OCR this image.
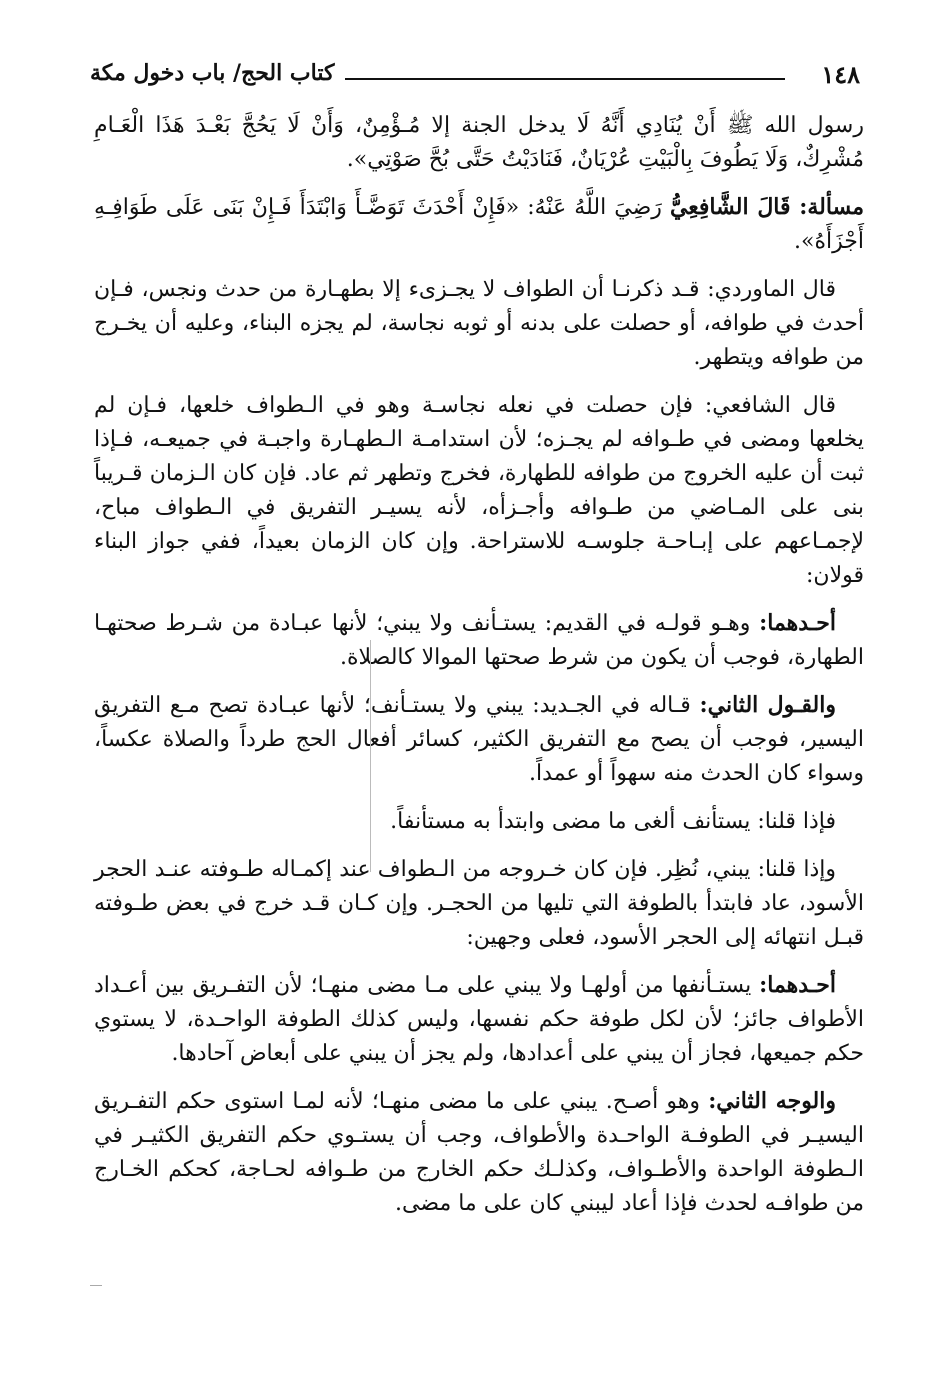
١٤٨
كتاب الحج/ باب دخول مكة

رسول الله ﷺ أَنْ يُنَادِي أَنَّهُ لَا يدخل الجنة إلا مُـؤْمِنٌ، وَأَنْ لَا يَحُجَّ بَعْـدَ هَذَا الْعَـامِ مُشْرِكٌ، وَلَا يَطُوفَ بِالْبَيْتِ عُرْيَانٌ، فَنَادَيْتُ حَتَّى بُحَّ صَوْتِي».

مسألة: قَالَ الشَّافِعِيُّ رَضِيَ اللَّهُ عَنْهُ: «فَإِنْ أَحْدَثَ تَوَضَّـأَ وَابْتَدَأَ فَـإِنْ بَنَى عَلَى طَوَافِـهِ أَجْزَأَهُ».

قال الماوردي: قـد ذكرنـا أن الطواف لا يجـزىء إلا بطهـارة من حدث ونجس، فـإن أحدث في طوافه، أو حصلت على بدنه أو ثوبه نجاسة، لم يجزه البناء، وعليه أن يخـرج من طوافه ويتطهر.

قال الشافعي: فإن حصلت في نعله نجاسـة وهو في الـطواف خلعها، فـإن لم يخلعها ومضى في طـوافه لم يجـزه؛ لأن استدامـة الـطهـارة واجبـة في جميعـه، فـإذا ثبت أن عليه الخروج من طوافه للطهارة، فخرج وتطهر ثم عاد. فإن كان الـزمان قـريباً بنى على المـاضي من طـوافه وأجـزأه، لأنه يسيـر التفريق في الـطواف مباح، لإجمـاعهم على إبـاحـة جلوسـه للاستراحة. وإن كان الزمان بعيداً، ففي جواز البناء قولان:

أحـدهما: وهـو قولـه في القديم: يستـأنف ولا يبني؛ لأنها عبـادة من شـرط صحتهـا الطهارة، فوجب أن يكون من شرط صحتها الموالا كالصلاة.

والقـول الثاني: قـاله في الجـديد: يبني ولا يستـأنف؛ لأنها عبـادة تصح مـع التفريق اليسير، فوجب أن يصح مع التفريق الكثير، كسائر أفعال الحج طرداً والصلاة عكساً، وسواء كان الحدث منه سهواً أو عمداً.

فإذا قلنا: يستأنف ألغى ما مضى وابتدأ به مستأنفاً.

وإذا قلنا: يبني، نُظِر. فإن كان خـروجه من الـطواف عند إكمـاله طـوفته عنـد الحجر الأسود، عاد فابتدأ بالطوفة التي تليها من الحجـر. وإن كـان قـد خرج في بعض طـوفته قبـل انتهائه إلى الحجر الأسود، فعلى وجهين:

أحـدهما: يستـأنفها من أولهـا ولا يبني على مـا مضى منهـا؛ لأن التفـريق بين أعـداد الأطواف جائز؛ لأن لكل طوفة حكم نفسها، وليس كذلك الطوفة الواحـدة، لا يستوي حكم جميعها، فجاز أن يبني على أعدادها، ولم يجز أن يبني على أبعاض آحادها.

والوجه الثاني: وهو أصـح. يبني على ما مضى منهـا؛ لأنه لمـا استوى حكم التفـريق اليسيـر في الطوفـة الواحـدة والأطواف، وجب أن يستـوي حكم التفريق الكثيـر في الـطوفة الواحدة والأطـواف، وكذلـك حكم الخارج من طـوافه لحـاجة، كحكم الخـارج من طوافـه لحدث فإذا أعاد ليبني كان على ما مضى.
